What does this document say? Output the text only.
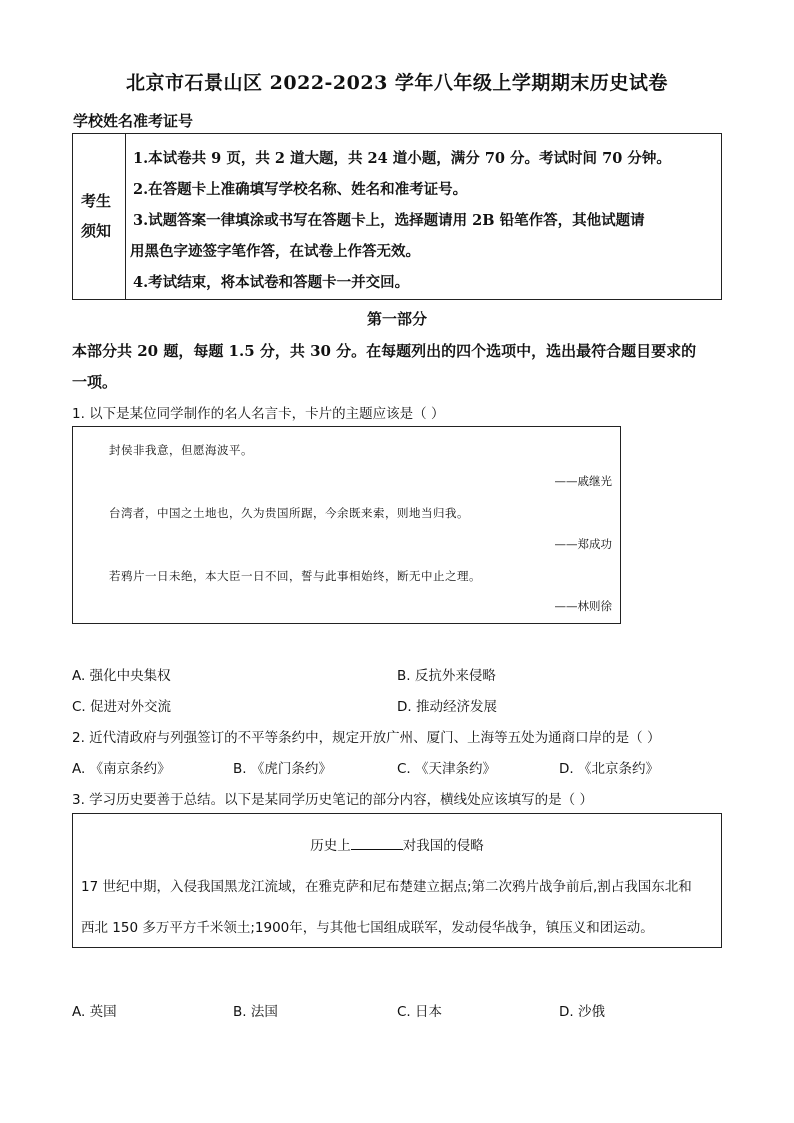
北京市石景山区 2022-2023 学年八年级上学期期末历史试卷
学校姓名准考证号
考生
须知
1.本试卷共 9 页，共 2 道大题，共 24 道小题，满分 70 分。考试时间 70 分钟。
2.在答题卡上准确填写学校名称、姓名和准考证号。
3.试题答案一律填涂或书写在答题卡上，选择题请用 2B 铅笔作答，其他试题请
用黑色字迹签字笔作答，在试卷上作答无效。
4.考试结束，将本试卷和答题卡一并交回。
第一部分
本部分共 20 题，每题 1.5 分，共 30 分。在每题列出的四个选项中，选出最符合题目要求的
一项。
1. 以下是某位同学制作的名人名言卡，卡片的主题应该是（ ）
封侯非我意，但愿海波平。
——戚继光
台湾者，中国之土地也，久为贵国所踞，今余既来索，则地当归我。
——郑成功
若鸦片一日未绝，本大臣一日不回，誓与此事相始终，断无中止之理。
——林则徐
A. 强化中央集权	B. 反抗外来侵略
C. 促进对外交流	D. 推动经济发展
2. 近代清政府与列强签订的不平等条约中，规定开放广州、厦门、上海等五处为通商口岸的是（ ）
A. 《南京条约》	B. 《虎门条约》	C. 《天津条约》	D. 《北京条约》
3. 学习历史要善于总结。以下是某同学历史笔记的部分内容，横线处应该填写的是（ ）
历史上	对我国的侵略
17 世纪中期，入侵我国黑龙江流域，在雅克萨和尼布楚建立据点;第二次鸦片战争前后,割占我国东北和
西北 150 多万平方千米领土;1900年，与其他七国组成联军，发动侵华战争，镇压义和团运动。
A. 英国	B. 法国	C. 日本	D. 沙俄
